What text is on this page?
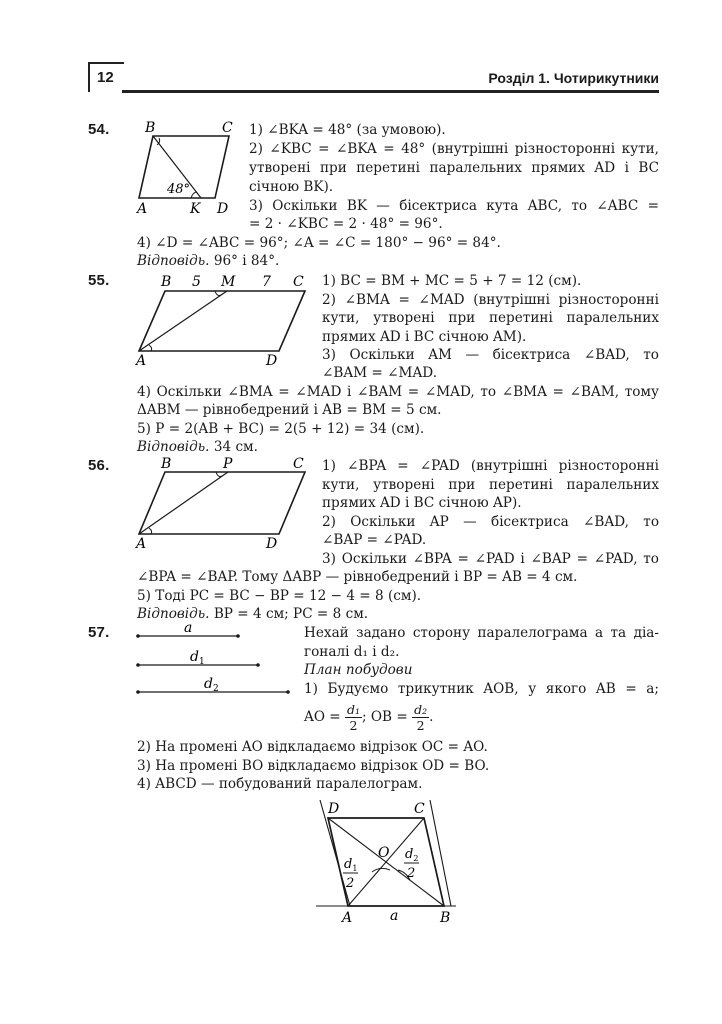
12	Розділ 1. Чотирикутники
54.	B	C
A	K D
48°
1) ∠BKA = 48° (за умовою).
2) ∠KBC = ∠BKA = 48° (внутрішні різносторонні кути,
утворені при перетині паралельних прямих AD і BC
січною BK).
3) Оскільки BK — бісектриса кута ABC, то ∠ABC =
= 2 · ∠KBC = 2 · 48° = 96°.
4) ∠D = ∠ABC = 96°; ∠A = ∠C = 180° − 96° = 84°.
Відповідь. 96° і 84°.
55.	B 5 M 7 C
A	D
1) BC = BM + MC = 5 + 7 = 12 (см).
2) ∠BMA = ∠MAD (внутрішні різносторонні
кути, утворені при перетині паралельних
прямих AD і BC січною AM).
3) Оскільки AM — бісектриса ∠BAD, то
∠BAM = ∠MAD.
4) Оскільки ∠BMA = ∠MAD і ∠BAM = ∠MAD, то ∠BMA = ∠BAM, тому
ΔABM — рівнобедрений і AB = BM = 5 см.
5) P = 2(AB + BC) = 2(5 + 12) = 34 (см).
Відповідь. 34 см.
56.	B	P	C
A	D
1) ∠BPA = ∠PAD (внутрішні різносторонні
кути, утворені при перетині паралельних
прямих AD і BC січною AP).
2) Оскільки AP — бісектриса ∠BAD, то
∠BAP = ∠PAD.
3) Оскільки ∠BPA = ∠PAD і ∠BAP = ∠PAD, то
∠BPA = ∠BAP. Тому ΔABP — рівнобедрений і BP = AB = 4 см.
5) Тоді PC = BC − BP = 12 − 4 = 8 (см).
Відповідь. BP = 4 см; PC = 8 см.
57.	a
$d_1$
$d_2$
Нехай задано сторону паралелограма a та діа-
гоналі d₁ і d₂.
План побудови
1) Будуємо трикутник AOB, у якого AB = a;
AO = $\frac{\text{d₁}}{2}$ ; OB = $\frac{\text{d₂}}{2}$ .
2) На промені AO відкладаємо відрізок OC = AO.
3) На промені BO відкладаємо відрізок OD = BO.
4) ABCD — побудований паралелограм.
D	C
O
A	a	B
$d_1$
2
$d_2$
2
